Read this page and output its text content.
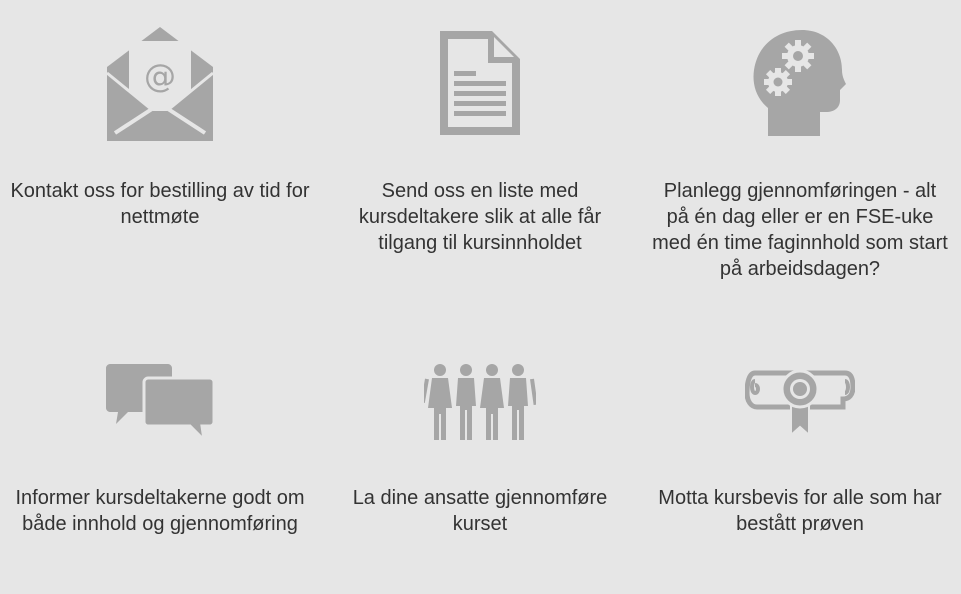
@
Kontakt oss for bestilling av tid for nettmøte
Send oss en liste med kursdeltakere slik at alle får tilgang til kursinnholdet
Planlegg gjennomføringen - alt på én dag eller er en FSE-uke med én time faginnhold som start på arbeidsdagen?
Informer kursdeltakerne godt om både innhold og gjennomføring
La dine ansatte gjennomføre kurset
Motta kursbevis for alle som har bestått prøven
